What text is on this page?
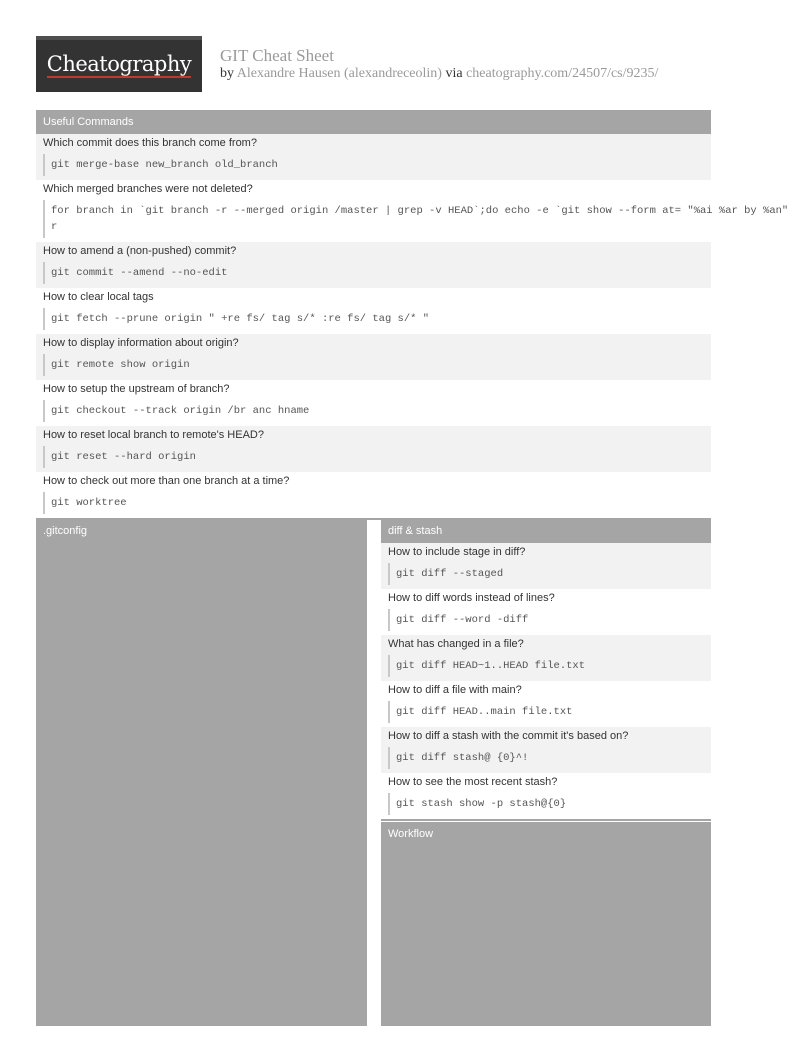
Cheatography	GIT Cheat Sheet
by Alexandre Hausen (alexandreceolin) via cheatography.com/24507/cs/9235/
Useful Commands
Which commit does this branch come from?
git merge-base new_branch old_branch
Which merged branches were not deleted?
for branch in `git branch -r --merged origin /master | grep -v HEAD`;do echo -e `git show --form at= "%ai %ar by %an"
r
How to amend a (non-pushed) commit?
git commit --amend --no-edit
How to clear local tags
git fetch --prune origin " +re fs/ tag s/* :re fs/ tag s/* "
How to display information about origin?
git remote show origin
How to setup the upstream of branch?
git checkout --track origin /br anc hname
How to reset local branch to remote's HEAD?
git reset --hard origin
How to check out more than one branch at a time?
git worktree
.gitconfig	diff & stash
How to include stage in diff?
git diff --staged
How to diff words instead of lines?
git diff --word -diff
What has changed in a file?
git diff HEAD~1..HEAD file.txt
How to diff a file with main?
git diff HEAD..main file.txt
How to diff a stash with the commit it's based on?
git diff stash@ {0}^!
How to see the most recent stash?
git stash show -p stash@{0}
Workflow
